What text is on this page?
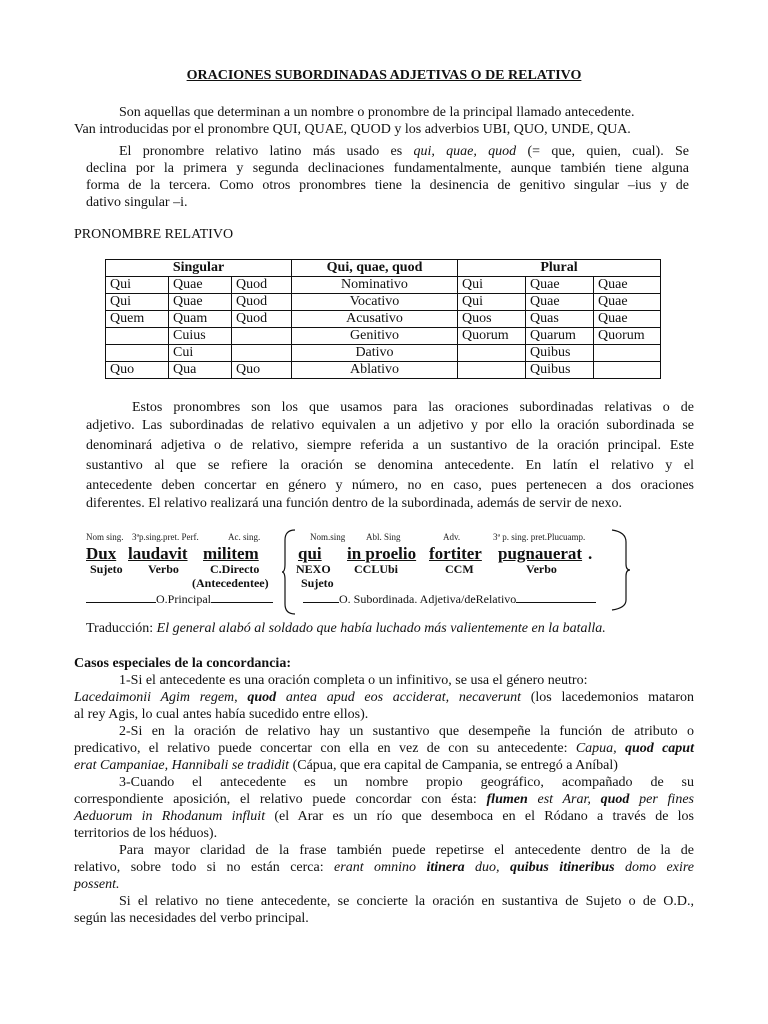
ORACIONES SUBORDINADAS ADJETIVAS O DE RELATIVO
Son aquellas que determinan a un nombre o pronombre de la principal llamado antecedente.
Van introducidas por el pronombre QUI, QUAE, QUOD y los adverbios UBI, QUO, UNDE, QUA.
El pronombre relativo latino más usado es qui, quae, quod (= que, quien, cual). Se
declina por la primera y segunda declinaciones fundamentalmente, aunque también tiene alguna
forma de la tercera. Como otros pronombres tiene la desinencia de genitivo singular –ius y de
dativo singular –i.
PRONOMBRE RELATIVO
Singular			Qui, quae, quod	Plural		
Qui	Quae	Quod	Nominativo	Qui	Quae	Quae
Qui	Quae	Quod	Vocativo	Qui	Quae	Quae
Quem	Quam	Quod	Acusativo	Quos	Quas	Quae
	Cuius		Genitivo	Quorum	Quarum	Quorum
	Cui		Dativo		Quibus	
Quo	Qua	Quo	Ablativo		Quibus	
Estos pronombres son los que usamos para las oraciones subordinadas relativas o de
adjetivo. Las subordinadas de relativo equivalen a un adjetivo y por ello la oración subordinada se
denominará adjetiva o de relativo, siempre referida a un sustantivo de la oración principal. Este
sustantivo al que se refiere la oración se denomina antecedente. En latín el relativo y el
antecedente deben concertar en género y número, no en caso, pues pertenecen a dos oraciones
diferentes. El relativo realizará una función dentro de la subordinada, además de servir de nexo.
Nom sing. 3ªp.sing.pret. Perf.	Ac. sing.	Nom.sing Abl. Sing	Adv.	3ª p. sing. pret.Plucuamp.
Dux laudavit militem qui in proelio fortiter pugnauerat .
Sujeto Verbo	C.Directo	NEXO CCLUbi	CCM	Verbo
(Antecedentee)	Sujeto
O.Principal	O. Subordinada. Adjetiva/deRelativo
Traducción: El general alabó al soldado que había luchado más valientemente en la batalla.
Casos especiales de la concordancia:
1-Si el antecedente es una oración completa o un infinitivo, se usa el género neutro:
Lacedaimonii Agim regem, quod antea apud eos acciderat, necaverunt (los lacedemonios mataron
al rey Agis, lo cual antes había sucedido entre ellos).
2-Si en la oración de relativo hay un sustantivo que desempeñe la función de atributo o
predicativo, el relativo puede concertar con ella en vez de con su antecedente: Capua, quod caput
erat Campaniae, Hannibali se tradidit (Cápua, que era capital de Campania, se entregó a Aníbal)
3-Cuando el antecedente es un nombre propio geográfico, acompañado de su
correspondiente aposición, el relativo puede concordar con ésta: flumen est Arar, quod per fines
Aeduorum in Rhodanum influit (el Arar es un río que desemboca en el Ródano a través de los
territorios de los héduos).
Para mayor claridad de la frase también puede repetirse el antecedente dentro de la de
relativo, sobre todo si no están cerca: erant omnino itinera duo, quibus itineribus domo exire
possent.
Si el relativo no tiene antecedente, se concierte la oración en sustantiva de Sujeto o de O.D.,
según las necesidades del verbo principal.
